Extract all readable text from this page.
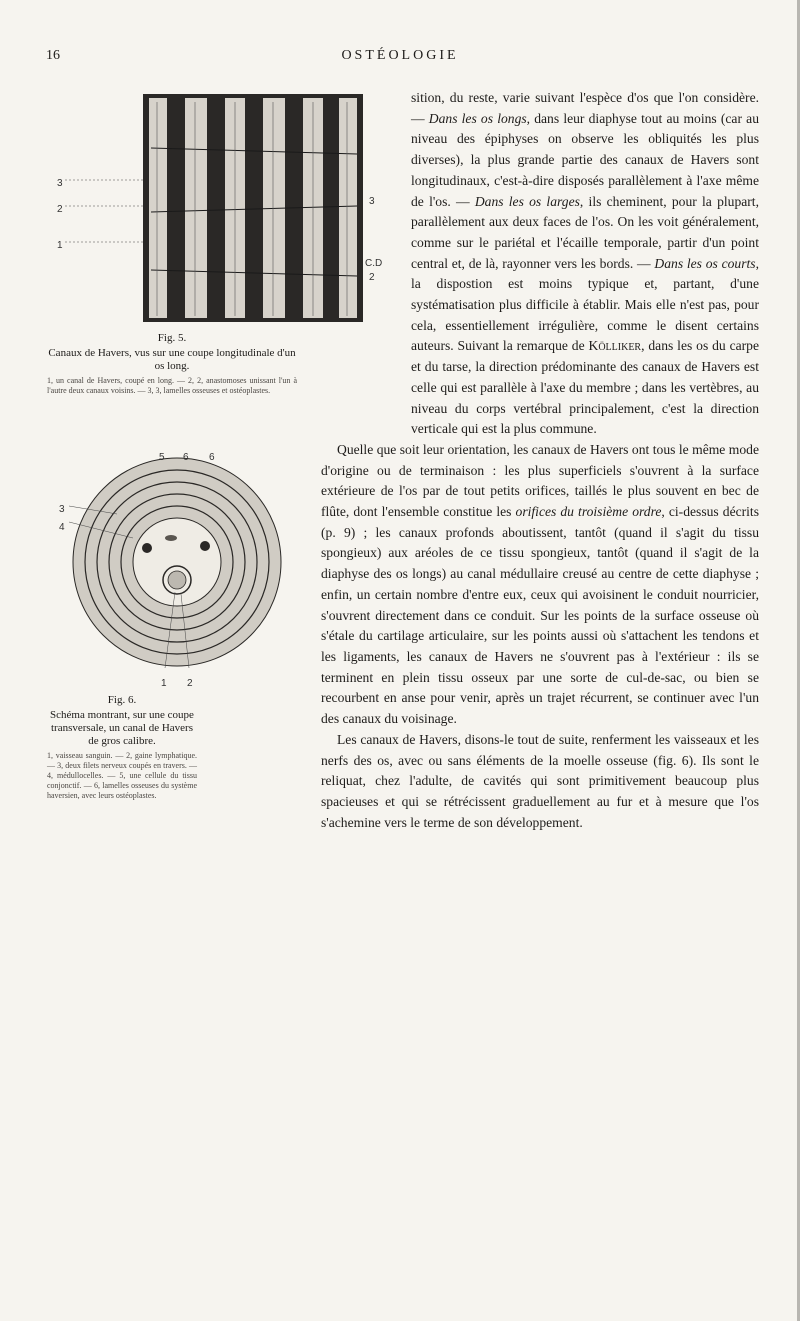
16	OSTÉOLOGIE
3
2
1
3
C.D
2
Fig. 5.
Canaux de Havers, vus sur une coupe longitudinale d'un os long.
1, un canal de Havers, coupé en long. — 2, 2, anastomoses unissant l'un à l'autre deux canaux voisins. — 3, 3, lamelles osseuses et ostéoplastes.

sition, du reste, varie suivant l'espèce d'os que l'on considère. — Dans les os longs, dans leur diaphyse tout au moins (car au niveau des épiphyses on observe les obliquités les plus diverses), la plus grande partie des canaux de Havers sont longitudinaux, c'est-à-dire disposés parallèlement à l'axe même de l'os. — Dans les os larges, ils cheminent, pour la plupart, parallèlement aux deux faces de l'os. On les voit généralement, comme sur le pariétal et l'écaille temporale, partir d'un point central et, de là, rayonner vers les bords. — Dans les os courts, la dispostion est moins typique et, partant, d'une systématisation plus difficile à établir. Mais elle n'est pas, pour cela, essentiellement irrégulière, comme le disent certains auteurs. Suivant la remarque de Kölliker, dans les os du carpe et du tarse, la direction prédominante des canaux de Havers est celle qui est parallèle à l'axe du membre ; dans les vertèbres, au niveau du corps vertébral principalement, c'est la direction verticale qui est la plus commune.

5 6 6
3
4
1 2
Fig. 6.
Schéma montrant, sur une coupe transversale, un canal de Havers de gros calibre.
1, vaisseau sanguin. — 2, gaine lymphatique. — 3, deux filets nerveux coupés en travers. — 4, médullocelles. — 5, une cellule du tissu conjonctif. — 6, lamelles osseuses du système haversien, avec leurs ostéoplastes.

Quelle que soit leur orientation, les canaux de Havers ont tous le même mode d'origine ou de terminaison : les plus superficiels s'ouvrent à la surface extérieure de l'os par de tout petits orifices, taillés le plus souvent en bec de flûte, dont l'ensemble constitue les orifices du troisième ordre, ci-dessus décrits (p. 9) ; les canaux profonds aboutissent, tantôt (quand il s'agit du tissu spongieux) aux aréoles de ce tissu spongieux, tantôt (quand il s'agit de la diaphyse des os longs) au canal médullaire creusé au centre de cette diaphyse ; enfin, un certain nombre d'entre eux, ceux qui avoisinent le conduit nourricier, s'ouvrent directement dans ce conduit. Sur les points de la surface osseuse où s'étale du cartilage articulaire, sur les points aussi où s'attachent les tendons et les ligaments, les canaux de Havers ne s'ouvrent pas à l'extérieur : ils se terminent en plein tissu osseux par une sorte de cul-de-sac, ou bien se recourbent en anse pour venir, après un trajet récurrent, se continuer avec l'un des canaux du voisinage.

Les canaux de Havers, disons-le tout de suite, renferment les vaisseaux et les nerfs des os, avec ou sans éléments de la moelle osseuse (fig. 6). Ils sont le reliquat, chez l'adulte, de cavités qui sont primitivement beaucoup plus spacieuses et qui se rétrécissent graduellement au fur et à mesure que l'os s'achemine vers le terme de son développement.
